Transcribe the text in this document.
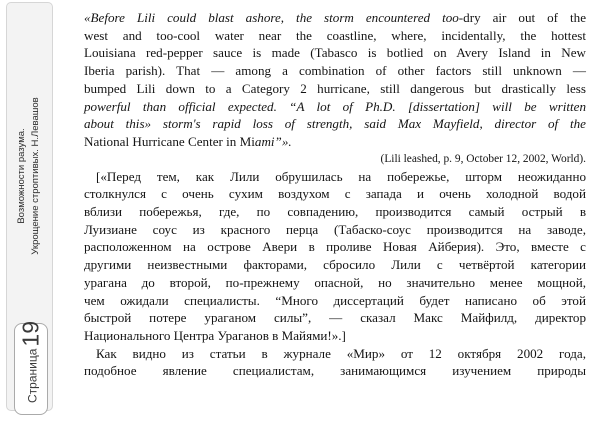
Возможности разума. Укрощение строптивых. Н.Левашов
Страница19

«Before Lili could blast ashore, the storm encountered too-dry air out of the
west and too-cool water near the coastline, where, incidentally, the hottest
Louisiana red-pepper sauce is made (Tabasco is botlied on Avery Island in New
Iberia parish). That — among a combination of other factors still unknown —
bumped Lili down to a Category 2 hurricane, still dangerous but drastically less
powerful than official expected. “A lot of Ph.D. [dissertation] will be written
about this» storm's rapid loss of strength, said Max Mayfield, director of the
National Hurricane Center in Miami”».

(Lili leashed, p. 9, October 12, 2002, World).

[«Перед тем, как Лили обрушилась на побережье, шторм неожиданно
столкнулся с очень сухим воздухом с запада и очень холодной водой
вблизи побережья, где, по совпадению, производится самый острый в
Луизиане соус из красного перца (Табаско-соус производится на заводе,
расположенном на острове Авери в проливе Новая Айберия). Это, вместе с
другими неизвестными факторами, сбросило Лили с четвёртой категории
урагана до второй, по-прежнему опасной, но значительно менее мощной,
чем ожидали специалисты. “Много диссертаций будет написано об этой
быстрой потере ураганом силы”, — сказал Макс Майфилд, директор
Национального Центра Ураганов в Майями!».]

Как видно из статьи в журнале «Мир» от 12 октября 2002 года,
подобное явление специалистам, занимающимся изучением природы
